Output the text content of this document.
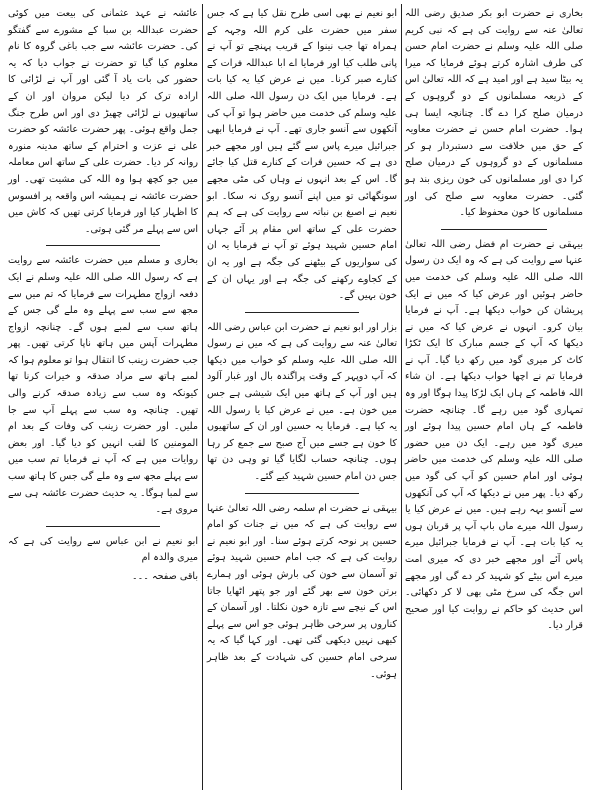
بخاری نے حضرت ابو بکر صدیق رضی اللہ تعالیٰ عنہ سے روایت کی ہے کہ نبی کریم صلی اللہ علیہ وسلم نے حضرت امام حسن کی طرف اشارہ کرتے ہوئے فرمایا کہ میرا یہ بیٹا سید ہے اور امید ہے کہ اللہ تعالیٰ اس کے ذریعہ مسلمانوں کے دو گروہوں کے درمیان صلح کرا دے گا۔ چنانچہ ایسا ہی ہوا۔ حضرت امام حسن نے حضرت معاویہ کے حق میں خلافت سے دستبردار ہو کر مسلمانوں کے دو گروہوں کے درمیان صلح کرا دی اور مسلمانوں کی خون ریزی بند ہو گئی۔ حضرت معاویہ سے صلح کی اور مسلمانوں کا خون محفوظ کیا۔

بیہقی نے حضرت ام فضل رضی اللہ تعالیٰ عنہا سے روایت کی ہے کہ وہ ایک دن رسول اللہ صلی اللہ علیہ وسلم کی خدمت میں حاضر ہوئیں اور عرض کیا کہ میں نے ایک پریشان کن خواب دیکھا ہے۔ آپ نے فرمایا بیان کرو۔ انہوں نے عرض کیا کہ میں نے دیکھا کہ آپ کے جسم مبارک کا ایک ٹکڑا کاٹ کر میری گود میں رکھ دیا گیا۔ آپ نے فرمایا تم نے اچھا خواب دیکھا ہے۔ ان شاء اللہ فاطمہ کے ہاں ایک لڑکا پیدا ہوگا اور وہ تمہاری گود میں رہے گا۔ چنانچہ حضرت فاطمہ کے ہاں امام حسین پیدا ہوئے اور میری گود میں رہے۔ ایک دن میں حضور صلی اللہ علیہ وسلم کی خدمت میں حاضر ہوئی اور امام حسین کو آپ کی گود میں رکھ دیا۔ پھر میں نے دیکھا کہ آپ کی آنکھوں سے آنسو بہہ رہے ہیں۔ میں نے عرض کیا یا رسول اللہ میرے ماں باپ آپ پر قربان ہوں یہ کیا بات ہے۔ آپ نے فرمایا جبرائیل میرے پاس آئے اور مجھے خبر دی کہ میری امت میرے اس بیٹے کو شہید کر دے گی اور مجھے اس جگہ کی سرخ مٹی بھی لا کر دکھائی۔ اس حدیث کو حاکم نے روایت کیا اور صحیح قرار دیا۔

ابو نعیم نے بھی اسی طرح نقل کیا ہے کہ جس سفر میں حضرت علی کرم اللہ وجہہ کے ہمراہ تھا جب نینوا کے قریب پہنچے تو آپ نے پانی طلب کیا اور فرمایا اے ابا عبداللہ فرات کے کنارے صبر کرنا۔ میں نے عرض کیا یہ کیا بات ہے۔ فرمایا میں ایک دن رسول اللہ صلی اللہ علیہ وسلم کی خدمت میں حاضر ہوا تو آپ کی آنکھوں سے آنسو جاری تھے۔ آپ نے فرمایا ابھی جبرائیل میرے پاس سے گئے ہیں اور مجھے خبر دی ہے کہ حسین فرات کے کنارے قتل کیا جائے گا۔ اس کے بعد انہوں نے وہاں کی مٹی مجھے سونگھائی تو میں اپنے آنسو روک نہ سکا۔ ابو نعیم نے اصبغ بن نباتہ سے روایت کی ہے کہ ہم حضرت علی کے ساتھ اس مقام پر آئے جہاں امام حسین شہید ہوئے تو آپ نے فرمایا یہ ان کی سواریوں کے بیٹھنے کی جگہ ہے اور یہ ان کے کجاوے رکھنے کی جگہ ہے اور یہاں ان کے خون بہیں گے۔

بزار اور ابو نعیم نے حضرت ابن عباس رضی اللہ تعالیٰ عنہ سے روایت کی ہے کہ میں نے رسول اللہ صلی اللہ علیہ وسلم کو خواب میں دیکھا کہ آپ دوپہر کے وقت پراگندہ بال اور غبار آلود ہیں اور آپ کے ہاتھ میں ایک شیشی ہے جس میں خون ہے۔ میں نے عرض کیا یا رسول اللہ یہ کیا ہے۔ فرمایا یہ حسین اور ان کے ساتھیوں کا خون ہے جسے میں آج صبح سے جمع کر رہا ہوں۔ چنانچہ حساب لگایا گیا تو وہی دن تھا جس دن امام حسین شہید کیے گئے۔

بیہقی نے حضرت ام سلمہ رضی اللہ تعالیٰ عنہا سے روایت کی ہے کہ میں نے جنات کو امام حسین پر نوحہ کرتے ہوئے سنا۔ اور ابو نعیم نے روایت کی ہے کہ جب امام حسین شہید ہوئے تو آسمان سے خون کی بارش ہوئی اور ہمارے برتن خون سے بھر گئے اور جو پتھر اٹھایا جاتا اس کے نیچے سے تازہ خون نکلتا۔ اور آسمان کے کناروں پر سرخی ظاہر ہوئی جو اس سے پہلے کبھی نہیں دیکھی گئی تھی۔ اور کہا گیا کہ یہ سرخی امام حسین کی شہادت کے بعد ظاہر ہوئی۔

عائشہ نے عہد عثمانی کی بیعت میں کوئی حضرت عبداللہ بن سبا کے مشورے سے گفتگو کی۔ حضرت عائشہ سے جب باغی گروہ کا نام معلوم کیا گیا تو حضرت نے جواب دیا کہ یہ حضور کی بات یاد آ گئی اور آپ نے لڑائی کا ارادہ ترک کر دیا لیکن مروان اور ان کے ساتھیوں نے لڑائی چھیڑ دی اور اس طرح جنگ جمل واقع ہوئی۔ پھر حضرت عائشہ کو حضرت علی نے عزت و احترام کے ساتھ مدینہ منورہ روانہ کر دیا۔ حضرت علی کے ساتھ اس معاملہ میں جو کچھ ہوا وہ اللہ کی مشیت تھی۔ اور حضرت عائشہ نے ہمیشہ اس واقعہ پر افسوس کا اظہار کیا اور فرمایا کرتی تھیں کہ کاش میں اس سے پہلے مر گئی ہوتی۔

بخاری و مسلم میں حضرت عائشہ سے روایت ہے کہ رسول اللہ صلی اللہ علیہ وسلم نے ایک دفعہ ازواج مطہرات سے فرمایا کہ تم میں سے مجھ سے سب سے پہلے وہ ملے گی جس کے ہاتھ سب سے لمبے ہوں گے۔ چنانچہ ازواج مطہرات آپس میں ہاتھ ناپا کرتی تھیں۔ پھر جب حضرت زینب کا انتقال ہوا تو معلوم ہوا کہ لمبے ہاتھ سے مراد صدقہ و خیرات کرنا تھا کیونکہ وہ سب سے زیادہ صدقہ کرنے والی تھیں۔ چنانچہ وہ سب سے پہلے آپ سے جا ملیں۔ اور حضرت زینب کی وفات کے بعد ام المومنین کا لقب انہیں کو دیا گیا۔ اور بعض روایات میں ہے کہ آپ نے فرمایا تم سب میں سے پہلے مجھ سے وہ ملے گی جس کا ہاتھ سب سے لمبا ہوگا۔ یہ حدیث حضرت عائشہ ہی سے مروی ہے۔

ابو نعیم نے ابن عباس سے روایت کی ہے کہ میری والدہ ام

باقی صفحہ ۔۔۔
